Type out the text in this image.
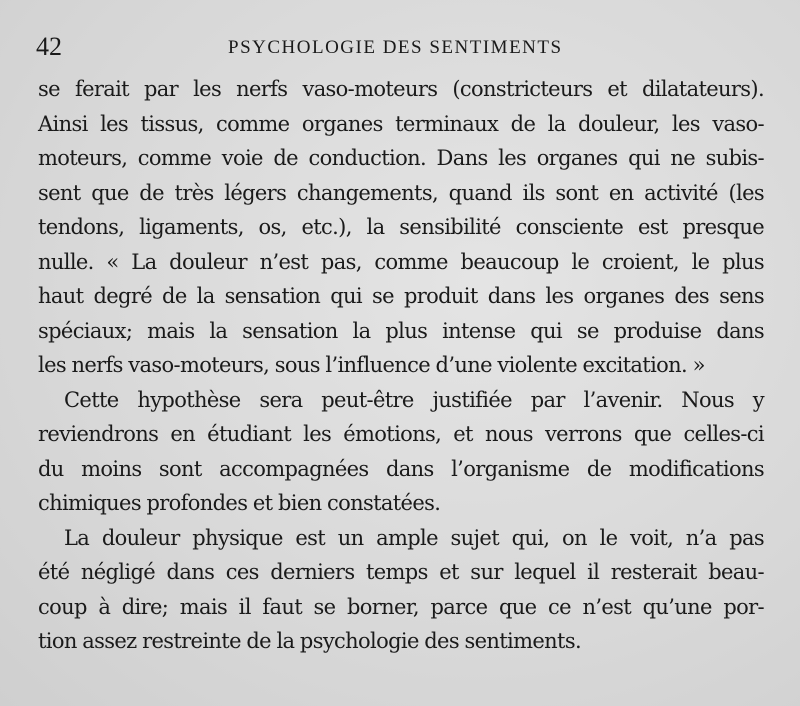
42	PSYCHOLOGIE DES SENTIMENTS

se ferait par les nerfs vaso-moteurs (constricteurs et dilatateurs).
Ainsi les tissus, comme organes terminaux de la douleur, les vaso-
moteurs, comme voie de conduction. Dans les organes qui ne subis-
sent que de très légers changements, quand ils sont en activité (les
tendons, ligaments, os, etc.), la sensibilité consciente est presque
nulle. « La douleur n’est pas, comme beaucoup le croient, le plus
haut degré de la sensation qui se produit dans les organes des sens
spéciaux; mais la sensation la plus intense qui se produise dans
les nerfs vaso-moteurs, sous l’influence d’une violente excitation. »

Cette hypothèse sera peut-être justifiée par l’avenir. Nous y
reviendrons en étudiant les émotions, et nous verrons que celles-ci
du moins sont accompagnées dans l’organisme de modifications
chimiques profondes et bien constatées.

La douleur physique est un ample sujet qui, on le voit, n’a pas
été négligé dans ces derniers temps et sur lequel il resterait beau-
coup à dire; mais il faut se borner, parce que ce n’est qu’une por-
tion assez restreinte de la psychologie des sentiments.
